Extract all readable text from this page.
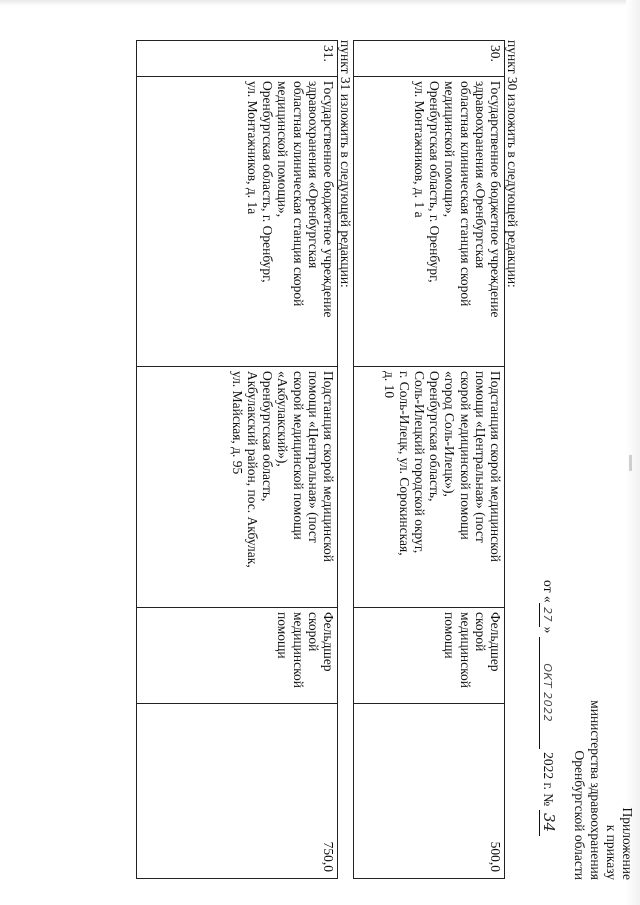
Приложение
к приказу
министерства здравоохранения
Оренбургской области
от «27» ОКТ 2022 2022 г. № 34
пункт 30 изложить в следующей редакции:
30.
Государственное бюджетное учреждение
здравоохранения «Оренбургская
областная клиническая станция скорой
медицинской помощи»,
Оренбургская область, г. Оренбург,
ул. Монтажников, д. 1 а
Подстанция скорой медицинской
помощи «Центральная» (пост
скорой медицинской помощи
«город Соль-Илецк»),
Оренбургская область,
Соль-Илецкий городской округ,
г. Соль-Илецк, ул. Сорокинская,
д. 10
Фельдшер
скорой
медицинской
помощи
500,0
пункт 31 изложить в следующей редакции:
31.
Государственное бюджетное учреждение
здравоохранения «Оренбургская
областная клиническая станция скорой
медицинской помощи»,
Оренбургская область, г. Оренбург,
ул. Монтажников, д. 1а
Подстанция скорой медицинской
помощи «Центральная» (пост
скорой медицинской помощи
«Акбулакский»),
Оренбургская область,
Акбулакский район, пос. Акбулак,
ул. Майская, д. 95
Фельдшер
скорой
медицинской
помощи
750,0
